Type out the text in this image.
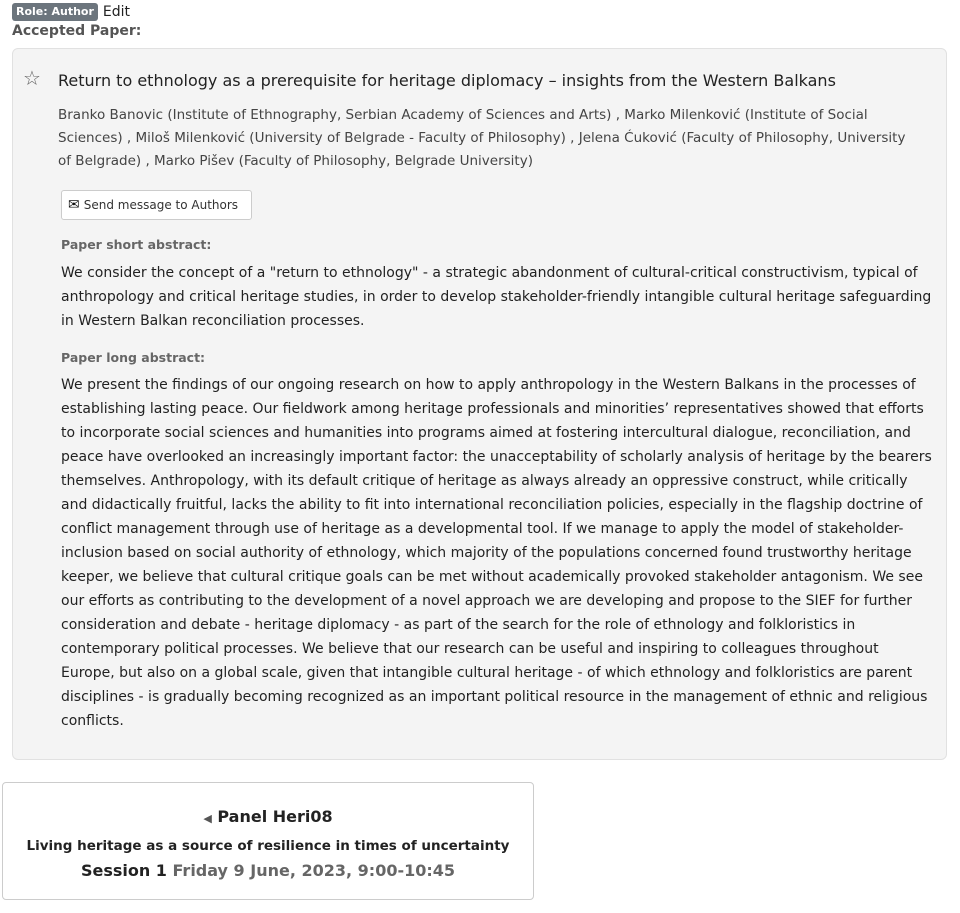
Role: Author Edit
Accepted Paper:
☆ Return to ethnology as a prerequisite for heritage diplomacy – insights from the Western Balkans
Branko Banovic (Institute of Ethnography, Serbian Academy of Sciences and Arts) , Marko Milenković (Institute of Social Sciences) , Miloš Milenković (University of Belgrade - Faculty of Philosophy) , Jelena Ćuković (Faculty of Philosophy, University of Belgrade) , Marko Pišev (Faculty of Philosophy, Belgrade University)
✉ Send message to Authors
Paper short abstract:
We consider the concept of a "return to ethnology" - a strategic abandonment of cultural-critical constructivism, typical of anthropology and critical heritage studies, in order to develop stakeholder-friendly intangible cultural heritage safeguarding in Western Balkan reconciliation processes.
Paper long abstract:
We present the findings of our ongoing research on how to apply anthropology in the Western Balkans in the processes of establishing lasting peace. Our fieldwork among heritage professionals and minorities’ representatives showed that efforts to incorporate social sciences and humanities into programs aimed at fostering intercultural dialogue, reconciliation, and peace have overlooked an increasingly important factor: the unacceptability of scholarly analysis of heritage by the bearers themselves. Anthropology, with its default critique of heritage as always already an oppressive construct, while critically and didactically fruitful, lacks the ability to fit into international reconciliation policies, especially in the flagship doctrine of conflict management through use of heritage as a developmental tool. If we manage to apply the model of stakeholder-inclusion based on social authority of ethnology, which majority of the populations concerned found trustworthy heritage keeper, we believe that cultural critique goals can be met without academically provoked stakeholder antagonism. We see our efforts as contributing to the development of a novel approach we are developing and propose to the SIEF for further consideration and debate - heritage diplomacy - as part of the search for the role of ethnology and folkloristics in contemporary political processes. We believe that our research can be useful and inspiring to colleagues throughout Europe, but also on a global scale, given that intangible cultural heritage - of which ethnology and folkloristics are parent disciplines - is gradually becoming recognized as an important political resource in the management of ethnic and religious conflicts.
◀ Panel Heri08
Living heritage as a source of resilience in times of uncertainty
Session 1 Friday 9 June, 2023, 9:00-10:45
